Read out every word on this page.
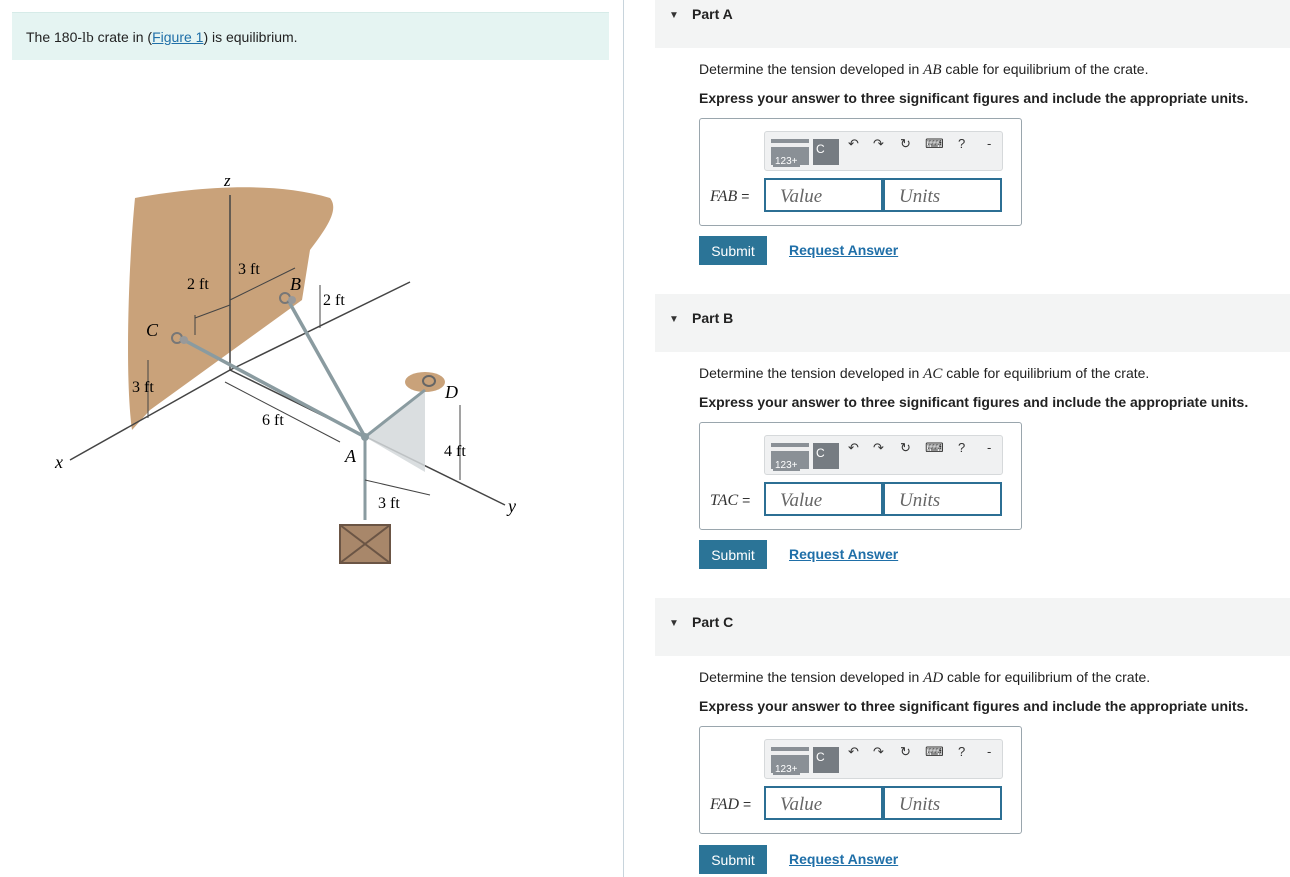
The 180-lb crate in (Figure 1) is equilibrium.
z
x
y
A
B
C
D
2 ft
3 ft
2 ft
3 ft
6 ft
4 ft
3 ft
▼ Part A
Determine the tension developed in AB cable for equilibrium of the crate.
Express your answer to three significant figures and include the appropriate units.
123+
C	↶ ↷ ↻ ⌨ ? -
FAB =
Value
Units
Submit	Request Answer
▼ Part B
Determine the tension developed in AC cable for equilibrium of the crate.
Express your answer to three significant figures and include the appropriate units.
123+
C	↶ ↷ ↻ ⌨ ? -
TAC =
Value
Units
Submit	Request Answer
▼ Part C
Determine the tension developed in AD cable for equilibrium of the crate.
Express your answer to three significant figures and include the appropriate units.
123+
C	↶ ↷ ↻ ⌨ ? -
FAD =
Value
Units
Submit	Request Answer
